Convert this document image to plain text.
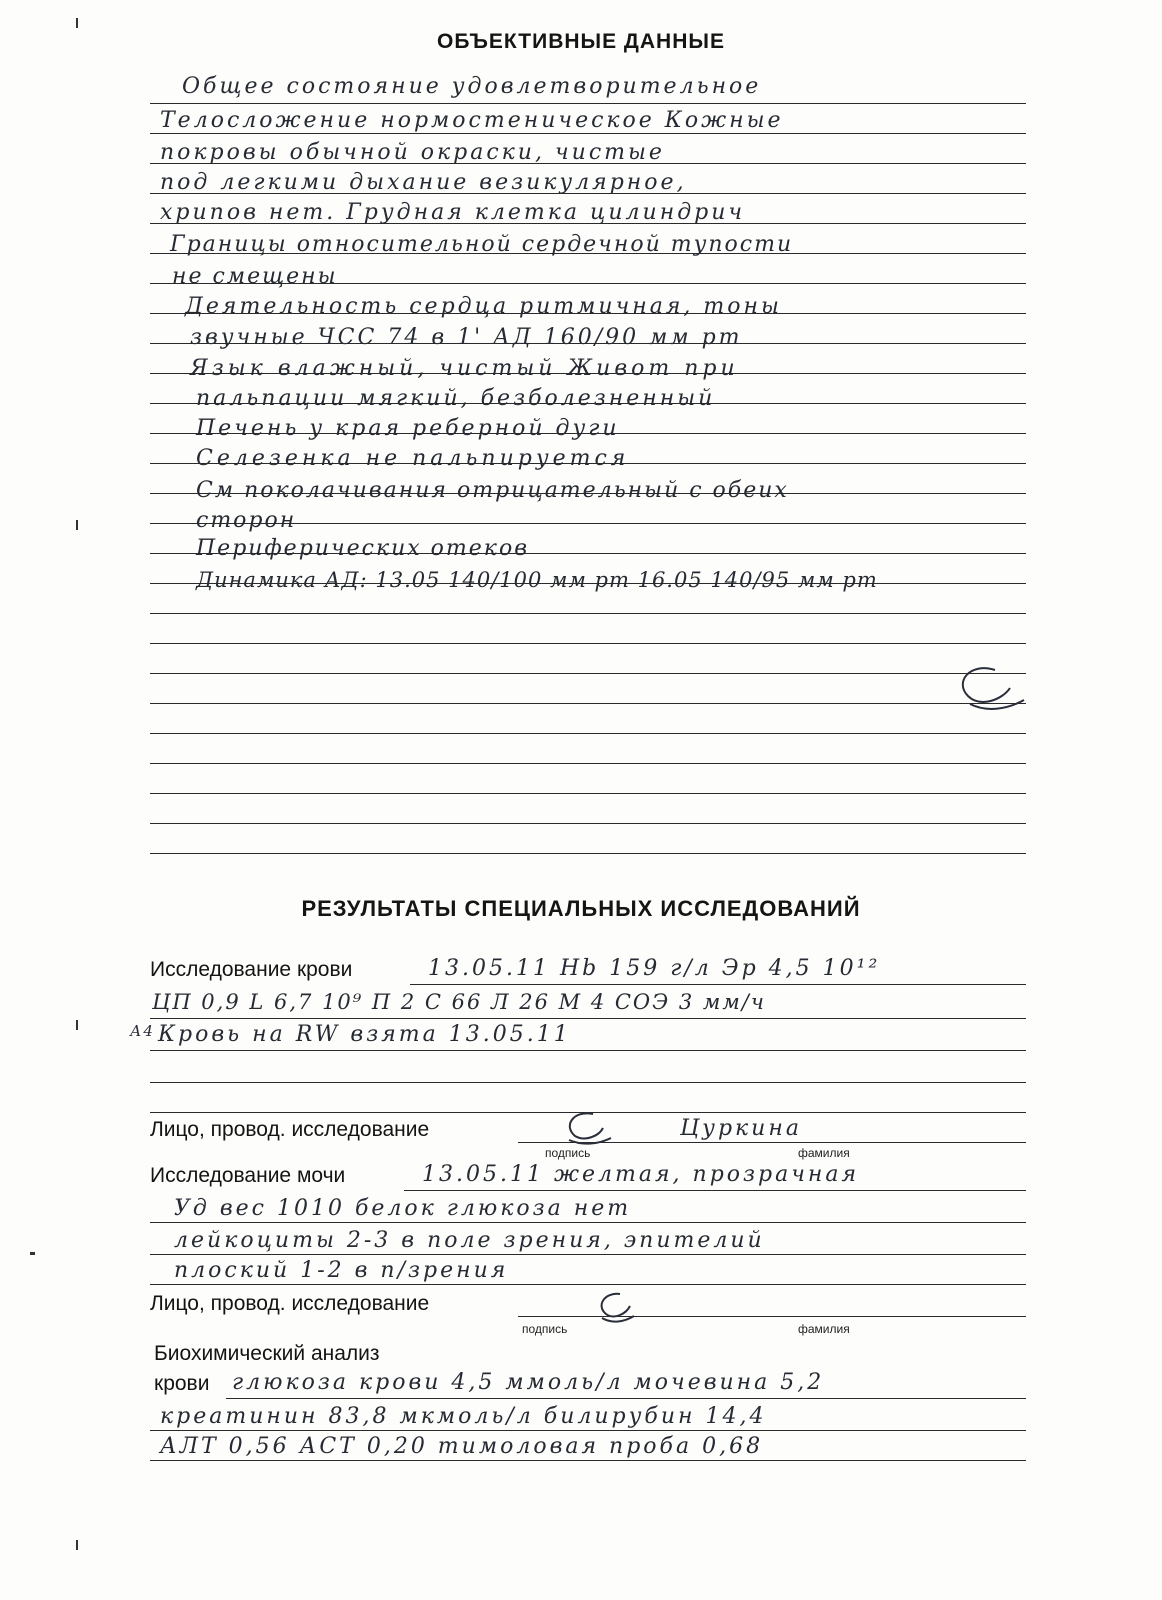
ОБЪЕКТИВНЫЕ ДАННЫЕ
Общее состояние удовлетворительное
Телосложение нормостеническое Кожные
покровы обычной окраски, чистые
под легкими дыхание везикулярное,
хрипов нет. Грудная клетка цилиндрич
Границы относительной сердечной тупости
не смещены
Деятельность сердца ритмичная, тоны
звучные ЧСС 74 в 1' АД 160/90 мм рт
Язык влажный, чистый Живот при
пальпации мягкий, безболезненный
Печень у края реберной дуги
Селезенка не пальпируется
См поколачивания отрицательный с обеих
сторон
Периферических отеков
Динамика АД: 13.05 140/100 мм рт 16.05 140/95 мм рт
РЕЗУЛЬТАТЫ СПЕЦИАЛЬНЫХ ИССЛЕДОВАНИЙ
Исследование крови	13.05.11 Hb 159 г/л Эр 4,5 10¹²
ЦП 0,9 L 6,7 10⁹ П 2 С 66 Л 26 М 4 СОЭ 3 мм/ч
А4 Кровь на RW взята 13.05.11
Лицо, провод. исследование	Цуркина
подпись	фамилия
Исследование мочи	13.05.11 желтая, прозрачная
Уд вес 1010 белок глюкоза нет
лейкоциты 2-3 в поле зрения, эпителий
плоский 1-2 в п/зрения
Лицо, провод. исследование
подпись	фамилия
Биохимический анализ
крови глюкоза крови 4,5 ммоль/л мочевина 5,2
креатинин 83,8 мкмоль/л билирубин 14,4
АЛТ 0,56 АСТ 0,20 тимоловая проба 0,68
